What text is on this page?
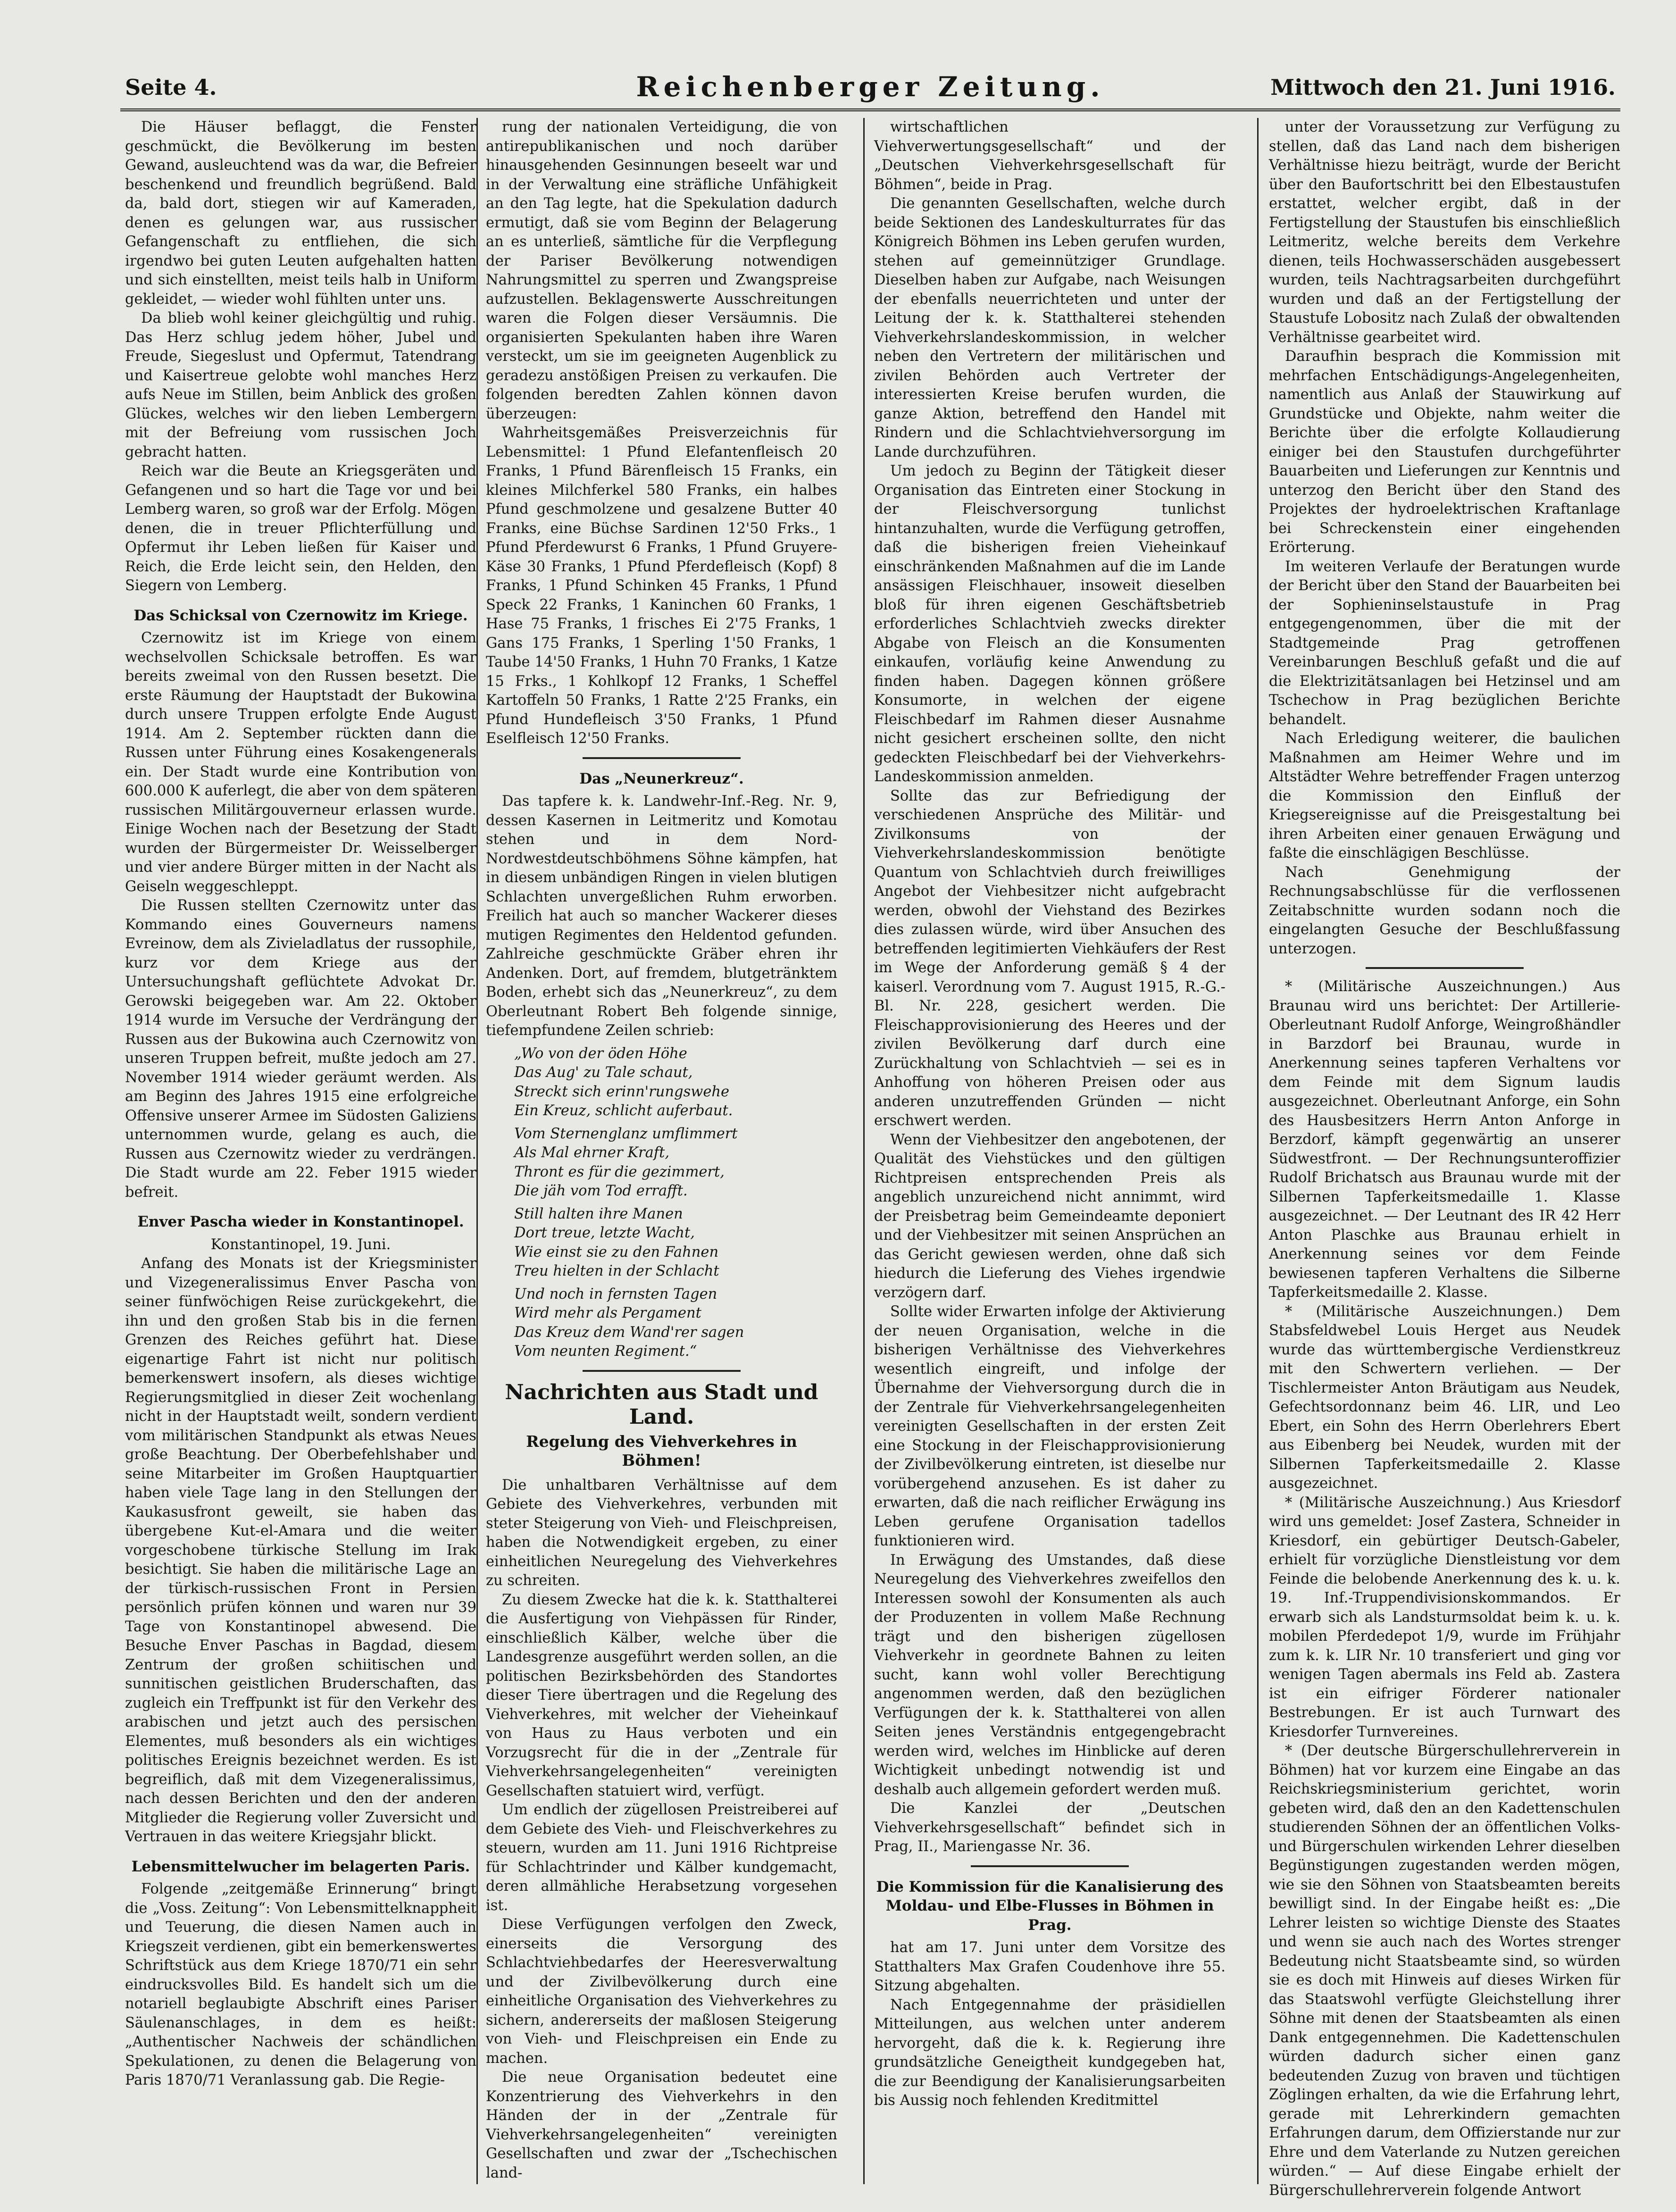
Seite 4.	Reichenberger Zeitung.	Mittwoch den 21. Juni 1916.

Die Häuser beflaggt, die Fenster geschmückt, die Bevölkerung im besten Gewand, ausleuchtend was da war, die Befreier beschenkend und freundlich begrüßend. Bald da, bald dort, stiegen wir auf Kameraden, denen es gelungen war, aus russischer Gefangenschaft zu entfliehen, die sich irgendwo bei guten Leuten aufgehalten hatten und sich einstellten, meist teils halb in Uniform gekleidet, — wieder wohl fühlten unter uns.

Da blieb wohl keiner gleichgültig und ruhig. Das Herz schlug jedem höher, Jubel und Freude, Siegeslust und Opfermut, Tatendrang und Kaisertreue gelobte wohl manches Herz aufs Neue im Stillen, beim Anblick des großen Glückes, welches wir den lieben Lembergern mit der Befreiung vom russischen Joch gebracht hatten.

Reich war die Beute an Kriegsgeräten und Gefangenen und so hart die Tage vor und bei Lemberg waren, so groß war der Erfolg. Mögen denen, die in treuer Pflichterfüllung und Opfermut ihr Leben ließen für Kaiser und Reich, die Erde leicht sein, den Helden, den Siegern von Lemberg.

Das Schicksal von Czernowitz im Kriege.

Czernowitz ist im Kriege von einem wechselvollen Schicksale betroffen. Es war bereits zweimal von den Russen besetzt. Die erste Räumung der Hauptstadt der Bukowina durch unsere Truppen erfolgte Ende August 1914. Am 2. September rückten dann die Russen unter Führung eines Kosakengenerals ein. Der Stadt wurde eine Kontribution von 600.000 K auferlegt, die aber von dem späteren russischen Militärgouverneur erlassen wurde. Einige Wochen nach der Besetzung der Stadt wurden der Bürgermeister Dr. Weisselberger und vier andere Bürger mitten in der Nacht als Geiseln weggeschleppt.

Die Russen stellten Czernowitz unter das Kommando eines Gouverneurs namens Evreinow, dem als Zivieladlatus der russophile, kurz vor dem Kriege aus der Untersuchungshaft geflüchtete Advokat Dr. Gerowski beigegeben war. Am 22. Oktober 1914 wurde im Versuche der Verdrängung der Russen aus der Bukowina auch Czernowitz von unseren Truppen befreit, mußte jedoch am 27. November 1914 wieder geräumt werden. Als am Beginn des Jahres 1915 eine erfolgreiche Offensive unserer Armee im Südosten Galiziens unternommen wurde, gelang es auch, die Russen aus Czernowitz wieder zu verdrängen. Die Stadt wurde am 22. Feber 1915 wieder befreit.

Enver Pascha wieder in Konstantinopel.

Konstantinopel, 19. Juni.

Anfang des Monats ist der Kriegsminister und Vizegeneralissimus Enver Pascha von seiner fünfwöchigen Reise zurückgekehrt, die ihn und den großen Stab bis in die fernen Grenzen des Reiches geführt hat. Diese eigenartige Fahrt ist nicht nur politisch bemerkenswert insofern, als dieses wichtige Regierungsmitglied in dieser Zeit wochenlang nicht in der Hauptstadt weilt, sondern verdient vom militärischen Standpunkt als etwas Neues große Beachtung. Der Oberbefehlshaber und seine Mitarbeiter im Großen Hauptquartier haben viele Tage lang in den Stellungen der Kaukasusfront geweilt, sie haben das übergebene Kut-el-Amara und die weiter vorgeschobene türkische Stellung im Irak besichtigt. Sie haben die militärische Lage an der türkisch-russischen Front in Persien persönlich prüfen können und waren nur 39 Tage von Konstantinopel abwesend. Die Besuche Enver Paschas in Bagdad, diesem Zentrum der großen schiitischen und sunnitischen geistlichen Bruderschaften, das zugleich ein Treffpunkt ist für den Verkehr des arabischen und jetzt auch des persischen Elementes, muß besonders als ein wichtiges politisches Ereignis bezeichnet werden. Es ist begreiflich, daß mit dem Vizegeneralissimus, nach dessen Berichten und den der anderen Mitglieder die Regierung voller Zuversicht und Vertrauen in das weitere Kriegsjahr blickt.

Lebensmittelwucher im belagerten Paris.

Folgende „zeitgemäße Erinnerung“ bringt die „Voss. Zeitung“: Von Lebensmittelknappheit und Teuerung, die diesen Namen auch in Kriegszeit verdienen, gibt ein bemerkenswertes Schriftstück aus dem Kriege 1870/71 ein sehr eindrucksvolles Bild. Es handelt sich um die notariell beglaubigte Abschrift eines Pariser Säulenanschlages, in dem es heißt: „Authentischer Nachweis der schändlichen Spekulationen, zu denen die Belagerung von Paris 1870/71 Veranlassung gab. Die Regie-

rung der nationalen Verteidigung, die von antirepublikanischen und noch darüber hinausgehenden Gesinnungen beseelt war und in der Verwaltung eine sträfliche Unfähigkeit an den Tag legte, hat die Spekulation dadurch ermutigt, daß sie vom Beginn der Belagerung an es unterließ, sämtliche für die Verpflegung der Pariser Bevölkerung notwendigen Nahrungsmittel zu sperren und Zwangspreise aufzustellen. Beklagenswerte Ausschreitungen waren die Folgen dieser Versäumnis. Die organisierten Spekulanten haben ihre Waren versteckt, um sie im geeigneten Augenblick zu geradezu anstößigen Preisen zu verkaufen. Die folgenden beredten Zahlen können davon überzeugen:

Wahrheitsgemäßes Preisverzeichnis für Lebensmittel: 1 Pfund Elefantenfleisch 20 Franks, 1 Pfund Bärenfleisch 15 Franks, ein kleines Milchferkel 580 Franks, ein halbes Pfund geschmolzene und gesalzene Butter 40 Franks, eine Büchse Sardinen 12'50 Frks., 1 Pfund Pferdewurst 6 Franks, 1 Pfund Gruyere-Käse 30 Franks, 1 Pfund Pferdefleisch (Kopf) 8 Franks, 1 Pfund Schinken 45 Franks, 1 Pfund Speck 22 Franks, 1 Kaninchen 60 Franks, 1 Hase 75 Franks, 1 frisches Ei 2'75 Franks, 1 Gans 175 Franks, 1 Sperling 1'50 Franks, 1 Taube 14'50 Franks, 1 Huhn 70 Franks, 1 Katze 15 Frks., 1 Kohlkopf 12 Franks, 1 Scheffel Kartoffeln 50 Franks, 1 Ratte 2'25 Franks, ein Pfund Hundefleisch 3'50 Franks, 1 Pfund Eselfleisch 12'50 Franks.

Das „Neunerkreuz“.

Das tapfere k. k. Landwehr-Inf.-Reg. Nr. 9, dessen Kasernen in Leitmeritz und Komotau stehen und in dem Nord-Nordwestdeutschböhmens Söhne kämpfen, hat in diesem unbändigen Ringen in vielen blutigen Schlachten unvergeßlichen Ruhm erworben. Freilich hat auch so mancher Wackerer dieses mutigen Regimentes den Heldentod gefunden. Zahlreiche geschmückte Gräber ehren ihr Andenken. Dort, auf fremdem, blutgetränktem Boden, erhebt sich das „Neunerkreuz“, zu dem Oberleutnant Robert Beh folgende sinnige, tiefempfundene Zeilen schrieb:

„Wo von der öden Höhe

Das Aug' zu Tale schaut,

Streckt sich erinn'rungswehe

Ein Kreuz, schlicht auferbaut.

Vom Sternenglanz umflimmert

Als Mal ehrner Kraft,

Thront es für die gezimmert,

Die jäh vom Tod errafft.

Still halten ihre Manen

Dort treue, letzte Wacht,

Wie einst sie zu den Fahnen

Treu hielten in der Schlacht

Und noch in fernsten Tagen

Wird mehr als Pergament

Das Kreuz dem Wand'rer sagen

Vom neunten Regiment.“

Nachrichten aus Stadt und Land.

Regelung des Viehverkehres in Böhmen!

Die unhaltbaren Verhältnisse auf dem Gebiete des Viehverkehres, verbunden mit steter Steigerung von Vieh- und Fleischpreisen, haben die Notwendigkeit ergeben, zu einer einheitlichen Neuregelung des Viehverkehres zu schreiten.

Zu diesem Zwecke hat die k. k. Statthalterei die Ausfertigung von Viehpässen für Rinder, einschließlich Kälber, welche über die Landesgrenze ausgeführt werden sollen, an die politischen Bezirksbehörden des Standortes dieser Tiere übertragen und die Regelung des Viehverkehres, mit welcher der Vieheinkauf von Haus zu Haus verboten und ein Vorzugsrecht für die in der „Zentrale für Viehverkehrsangelegenheiten“ vereinigten Gesellschaften statuiert wird, verfügt.

Um endlich der zügellosen Preistreiberei auf dem Gebiete des Vieh- und Fleischverkehres zu steuern, wurden am 11. Juni 1916 Richtpreise für Schlachtrinder und Kälber kundgemacht, deren allmähliche Herabsetzung vorgesehen ist.

Diese Verfügungen verfolgen den Zweck, einerseits die Versorgung des Schlachtviehbedarfes der Heeresverwaltung und der Zivilbevölkerung durch eine einheitliche Organisation des Viehverkehres zu sichern, andererseits der maßlosen Steigerung von Vieh- und Fleischpreisen ein Ende zu machen.

Die neue Organisation bedeutet eine Konzentrierung des Viehverkehrs in den Händen der in der „Zentrale für Viehverkehrsangelegenheiten“ vereinigten Gesellschaften und zwar der „Tschechischen land-

wirtschaftlichen Viehverwertungsgesellschaft“ und der „Deutschen Viehverkehrsgesellschaft für Böhmen“, beide in Prag.

Die genannten Gesellschaften, welche durch beide Sektionen des Landeskulturrates für das Königreich Böhmen ins Leben gerufen wurden, stehen auf gemeinnütziger Grundlage. Dieselben haben zur Aufgabe, nach Weisungen der ebenfalls neuerrichteten und unter der Leitung der k. k. Statthalterei stehenden Viehverkehrslandeskommission, in welcher neben den Vertretern der militärischen und zivilen Behörden auch Vertreter der interessierten Kreise berufen wurden, die ganze Aktion, betreffend den Handel mit Rindern und die Schlachtviehversorgung im Lande durchzuführen.

Um jedoch zu Beginn der Tätigkeit dieser Organisation das Eintreten einer Stockung in der Fleischversorgung tunlichst hintanzuhalten, wurde die Verfügung getroffen, daß die bisherigen freien Vieheinkauf einschränkenden Maßnahmen auf die im Lande ansässigen Fleischhauer, insoweit dieselben bloß für ihren eigenen Geschäftsbetrieb erforderliches Schlachtvieh zwecks direkter Abgabe von Fleisch an die Konsumenten einkaufen, vorläufig keine Anwendung zu finden haben. Dagegen können größere Konsumorte, in welchen der eigene Fleischbedarf im Rahmen dieser Ausnahme nicht gesichert erscheinen sollte, den nicht gedeckten Fleischbedarf bei der Viehverkehrs-Landeskommission anmelden.

Sollte das zur Befriedigung der verschiedenen Ansprüche des Militär- und Zivilkonsums von der Viehverkehrslandeskommission benötigte Quantum von Schlachtvieh durch freiwilliges Angebot der Viehbesitzer nicht aufgebracht werden, obwohl der Viehstand des Bezirkes dies zulassen würde, wird über Ansuchen des betreffenden legitimierten Viehkäufers der Rest im Wege der Anforderung gemäß § 4 der kaiserl. Verordnung vom 7. August 1915, R.-G.-Bl. Nr. 228, gesichert werden. Die Fleischapprovisionierung des Heeres und der zivilen Bevölkerung darf durch eine Zurückhaltung von Schlachtvieh — sei es in Anhoffung von höheren Preisen oder aus anderen unzutreffenden Gründen — nicht erschwert werden.

Wenn der Viehbesitzer den angebotenen, der Qualität des Viehstückes und den gültigen Richtpreisen entsprechenden Preis als angeblich unzureichend nicht annimmt, wird der Preisbetrag beim Gemeindeamte deponiert und der Viehbesitzer mit seinen Ansprüchen an das Gericht gewiesen werden, ohne daß sich hiedurch die Lieferung des Viehes irgendwie verzögern darf.

Sollte wider Erwarten infolge der Aktivierung der neuen Organisation, welche in die bisherigen Verhältnisse des Viehverkehres wesentlich eingreift, und infolge der Übernahme der Viehversorgung durch die in der Zentrale für Viehverkehrsangelegenheiten vereinigten Gesellschaften in der ersten Zeit eine Stockung in der Fleischapprovisionierung der Zivilbevölkerung eintreten, ist dieselbe nur vorübergehend anzusehen. Es ist daher zu erwarten, daß die nach reiflicher Erwägung ins Leben gerufene Organisation tadellos funktionieren wird.

In Erwägung des Umstandes, daß diese Neuregelung des Viehverkehres zweifellos den Interessen sowohl der Konsumenten als auch der Produzenten in vollem Maße Rechnung trägt und den bisherigen zügellosen Viehverkehr in geordnete Bahnen zu leiten sucht, kann wohl voller Berechtigung angenommen werden, daß den bezüglichen Verfügungen der k. k. Statthalterei von allen Seiten jenes Verständnis entgegengebracht werden wird, welches im Hinblicke auf deren Wichtigkeit unbedingt notwendig ist und deshalb auch allgemein gefordert werden muß.

Die Kanzlei der „Deutschen Viehverkehrsgesellschaft“ befindet sich in Prag, II., Mariengasse Nr. 36.

Die Kommission für die Kanalisierung des Moldau- und Elbe-Flusses in Böhmen in Prag.

hat am 17. Juni unter dem Vorsitze des Statthalters Max Grafen Coudenhove ihre 55. Sitzung abgehalten.

Nach Entgegennahme der präsidiellen Mitteilungen, aus welchen unter anderem hervorgeht, daß die k. k. Regierung ihre grundsätzliche Geneigtheit kundgegeben hat, die zur Beendigung der Kanalisierungsarbeiten bis Aussig noch fehlenden Kreditmittel

unter der Voraussetzung zur Verfügung zu stellen, daß das Land nach dem bisherigen Verhältnisse hiezu beiträgt, wurde der Bericht über den Baufortschritt bei den Elbestaustufen erstattet, welcher ergibt, daß in der Fertigstellung der Staustufen bis einschließlich Leitmeritz, welche bereits dem Verkehre dienen, teils Hochwasserschäden ausgebessert wurden, teils Nachtragsarbeiten durchgeführt wurden und daß an der Fertigstellung der Staustufe Lobositz nach Zulaß der obwaltenden Verhältnisse gearbeitet wird.

Daraufhin besprach die Kommission mit mehrfachen Entschädigungs-Angelegenheiten, namentlich aus Anlaß der Stauwirkung auf Grundstücke und Objekte, nahm weiter die Berichte über die erfolgte Kollaudierung einiger bei den Staustufen durchgeführter Bauarbeiten und Lieferungen zur Kenntnis und unterzog den Bericht über den Stand des Projektes der hydroelektrischen Kraftanlage bei Schreckenstein einer eingehenden Erörterung.

Im weiteren Verlaufe der Beratungen wurde der Bericht über den Stand der Bauarbeiten bei der Sophieninselstaustufe in Prag entgegengenommen, über die mit der Stadtgemeinde Prag getroffenen Vereinbarungen Beschluß gefaßt und die auf die Elektrizitätsanlagen bei Hetzinsel und am Tschechow in Prag bezüglichen Berichte behandelt.

Nach Erledigung weiterer, die baulichen Maßnahmen am Heimer Wehre und im Altstädter Wehre betreffender Fragen unterzog die Kommission den Einfluß der Kriegsereignisse auf die Preisgestaltung bei ihren Arbeiten einer genauen Erwägung und faßte die einschlägigen Beschlüsse.

Nach Genehmigung der Rechnungsabschlüsse für die verflossenen Zeitabschnitte wurden sodann noch die eingelangten Gesuche der Beschlußfassung unterzogen.

* (Militärische Auszeichnungen.) Aus Braunau wird uns berichtet: Der Artillerie-Oberleutnant Rudolf Anforge, Weingroßhändler in Barzdorf bei Braunau, wurde in Anerkennung seines tapferen Verhaltens vor dem Feinde mit dem Signum laudis ausgezeichnet. Oberleutnant Anforge, ein Sohn des Hausbesitzers Herrn Anton Anforge in Berzdorf, kämpft gegenwärtig an unserer Südwestfront. — Der Rechnungsunteroffizier Rudolf Brichatsch aus Braunau wurde mit der Silbernen Tapferkeitsmedaille 1. Klasse ausgezeichnet. — Der Leutnant des IR 42 Herr Anton Plaschke aus Braunau erhielt in Anerkennung seines vor dem Feinde bewiesenen tapferen Verhaltens die Silberne Tapferkeitsmedaille 2. Klasse.

* (Militärische Auszeichnungen.) Dem Stabsfeldwebel Louis Herget aus Neudek wurde das württembergische Verdienstkreuz mit den Schwertern verliehen. — Der Tischlermeister Anton Bräutigam aus Neudek, Gefechtsordonnanz beim 46. LIR, und Leo Ebert, ein Sohn des Herrn Oberlehrers Ebert aus Eibenberg bei Neudek, wurden mit der Silbernen Tapferkeitsmedaille 2. Klasse ausgezeichnet.

* (Militärische Auszeichnung.) Aus Kriesdorf wird uns gemeldet: Josef Zastera, Schneider in Kriesdorf, ein gebürtiger Deutsch-Gabeler, erhielt für vorzügliche Dienstleistung vor dem Feinde die belobende Anerkennung des k. u. k. 19. Inf.-Truppendivisionskommandos. Er erwarb sich als Landsturmsoldat beim k. u. k. mobilen Pferdedepot 1/9, wurde im Frühjahr zum k. k. LIR Nr. 10 transferiert und ging vor wenigen Tagen abermals ins Feld ab. Zastera ist ein eifriger Förderer nationaler Bestrebungen. Er ist auch Turnwart des Kriesdorfer Turnvereines.

* (Der deutsche Bürgerschullehrerverein in Böhmen) hat vor kurzem eine Eingabe an das Reichskriegsministerium gerichtet, worin gebeten wird, daß den an den Kadettenschulen studierenden Söhnen der an öffentlichen Volks- und Bürgerschulen wirkenden Lehrer dieselben Begünstigungen zugestanden werden mögen, wie sie den Söhnen von Staatsbeamten bereits bewilligt sind. In der Eingabe heißt es: „Die Lehrer leisten so wichtige Dienste des Staates und wenn sie auch nach des Wortes strenger Bedeutung nicht Staatsbeamte sind, so würden sie es doch mit Hinweis auf dieses Wirken für das Staatswohl verfügte Gleichstellung ihrer Söhne mit denen der Staatsbeamten als einen Dank entgegennehmen. Die Kadettenschulen würden dadurch sicher einen ganz bedeutenden Zuzug von braven und tüchtigen Zöglingen erhalten, da wie die Erfahrung lehrt, gerade mit Lehrerkindern gemachten Erfahrungen darum, dem Offizierstande nur zur Ehre und dem Vaterlande zu Nutzen gereichen würden.“ — Auf diese Eingabe erhielt der Bürgerschullehrerverein folgende Antwort
